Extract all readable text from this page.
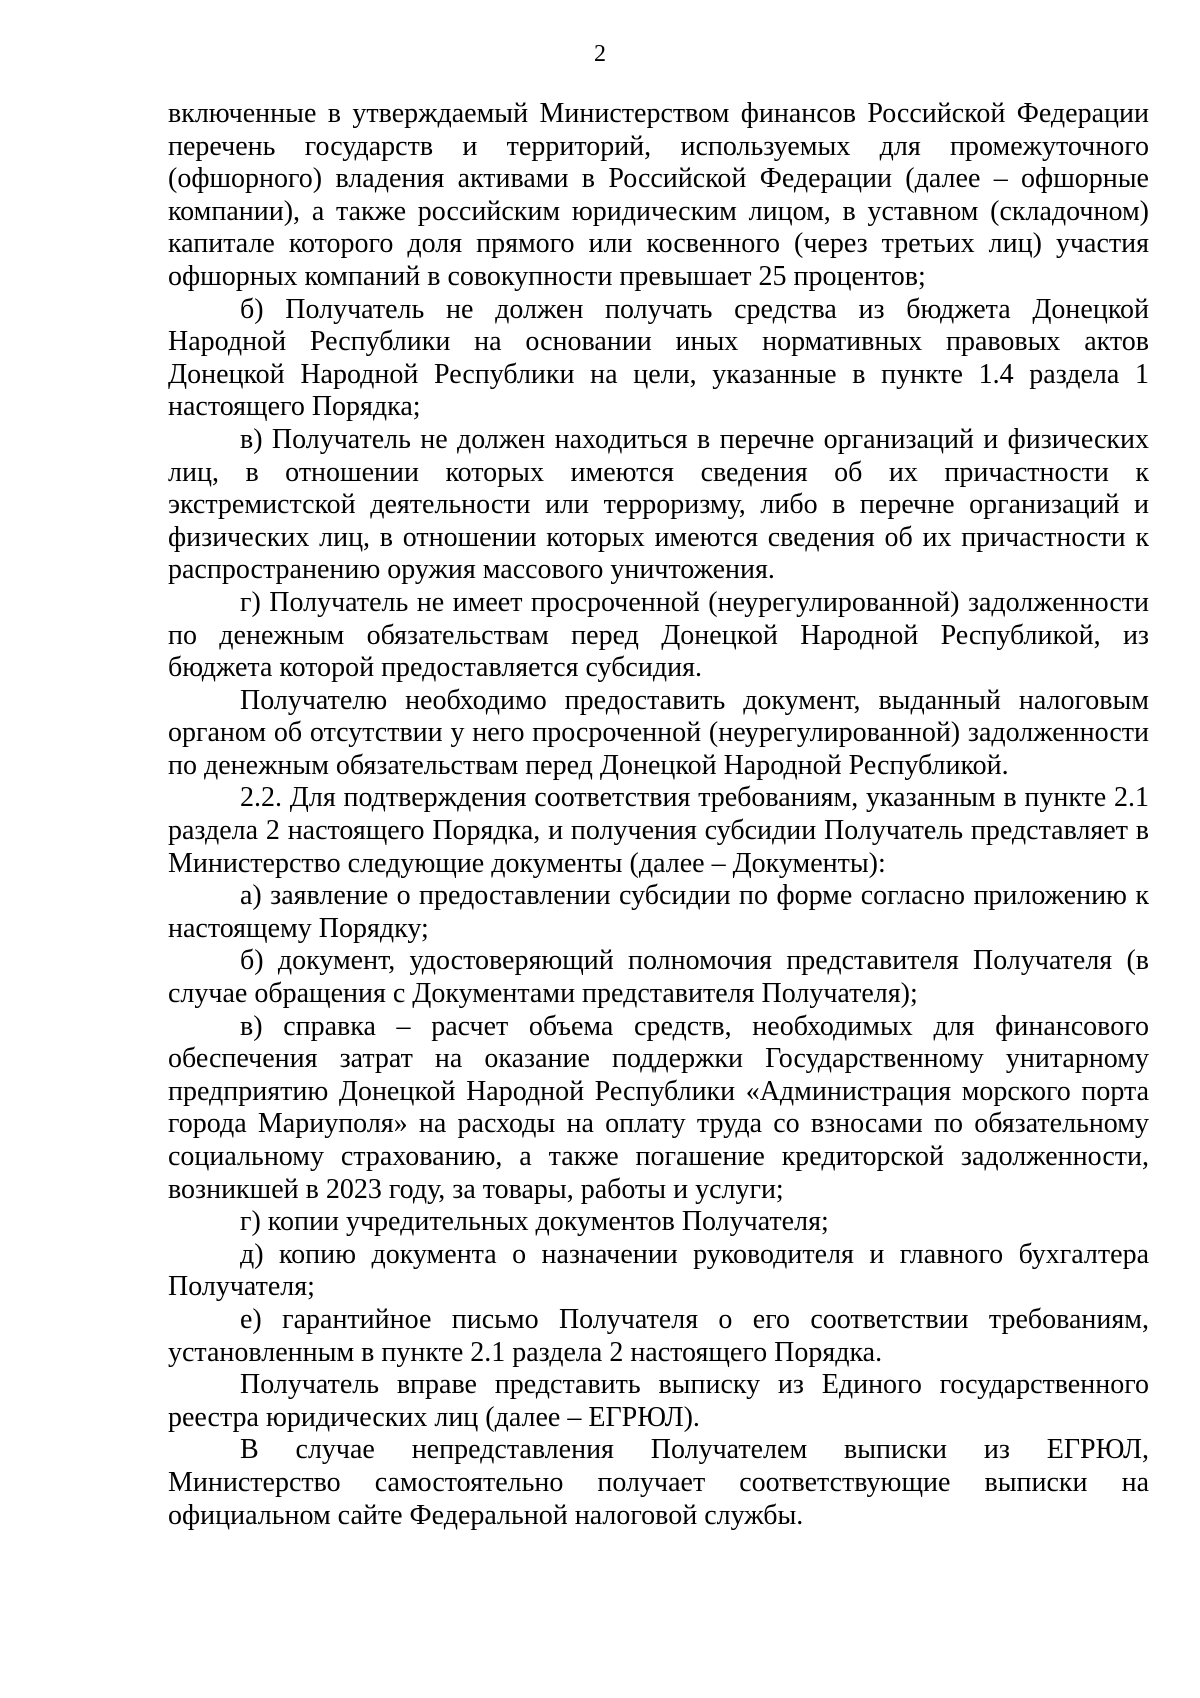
2

включенные в утверждаемый Министерством финансов Российской Федерации перечень государств и территорий, используемых для промежуточного (офшорного) владения активами в Российской Федерации (далее – офшорные компании), а также российским юридическим лицом, в уставном (складочном) капитале которого доля прямого или косвенного (через третьих лиц) участия офшорных компаний в совокупности превышает 25 процентов;

б) Получатель не должен получать средства из бюджета Донецкой Народной Республики на основании иных нормативных правовых актов Донецкой Народной Республики на цели, указанные в пункте 1.4 раздела 1 настоящего Порядка;

в) Получатель не должен находиться в перечне организаций и физических лиц, в отношении которых имеются сведения об их причастности к экстремистской деятельности или терроризму, либо в перечне организаций и физических лиц, в отношении которых имеются сведения об их причастности к распространению оружия массового уничтожения.

г) Получатель не имеет просроченной (неурегулированной) задолженности по денежным обязательствам перед Донецкой Народной Республикой, из бюджета которой предоставляется субсидия.

Получателю необходимо предоставить документ, выданный налоговым органом об отсутствии у него просроченной (неурегулированной) задолженности по денежным обязательствам перед Донецкой Народной Республикой.

2.2. Для подтверждения соответствия требованиям, указанным в пункте 2.1 раздела 2 настоящего Порядка, и получения субсидии Получатель представляет в Министерство следующие документы (далее – Документы):

а) заявление о предоставлении субсидии по форме согласно приложению к настоящему Порядку;

б) документ, удостоверяющий полномочия представителя Получателя (в случае обращения с Документами представителя Получателя);

в) справка – расчет объема средств, необходимых для финансового обеспечения затрат на оказание поддержки Государственному унитарному предприятию Донецкой Народной Республики «Администрация морского порта города Мариуполя» на расходы на оплату труда со взносами по обязательному социальному страхованию, а также погашение кредиторской задолженности, возникшей в 2023 году, за товары, работы и услуги;

г) копии учредительных документов Получателя;

д) копию документа о назначении руководителя и главного бухгалтера Получателя;

е) гарантийное письмо Получателя о его соответствии требованиям, установленным в пункте 2.1 раздела 2 настоящего Порядка.

Получатель вправе представить выписку из Единого государственного реестра юридических лиц (далее – ЕГРЮЛ).

В случае непредставления Получателем выписки из ЕГРЮЛ, Министерство самостоятельно получает соответствующие выписки на официальном сайте Федеральной налоговой службы.
